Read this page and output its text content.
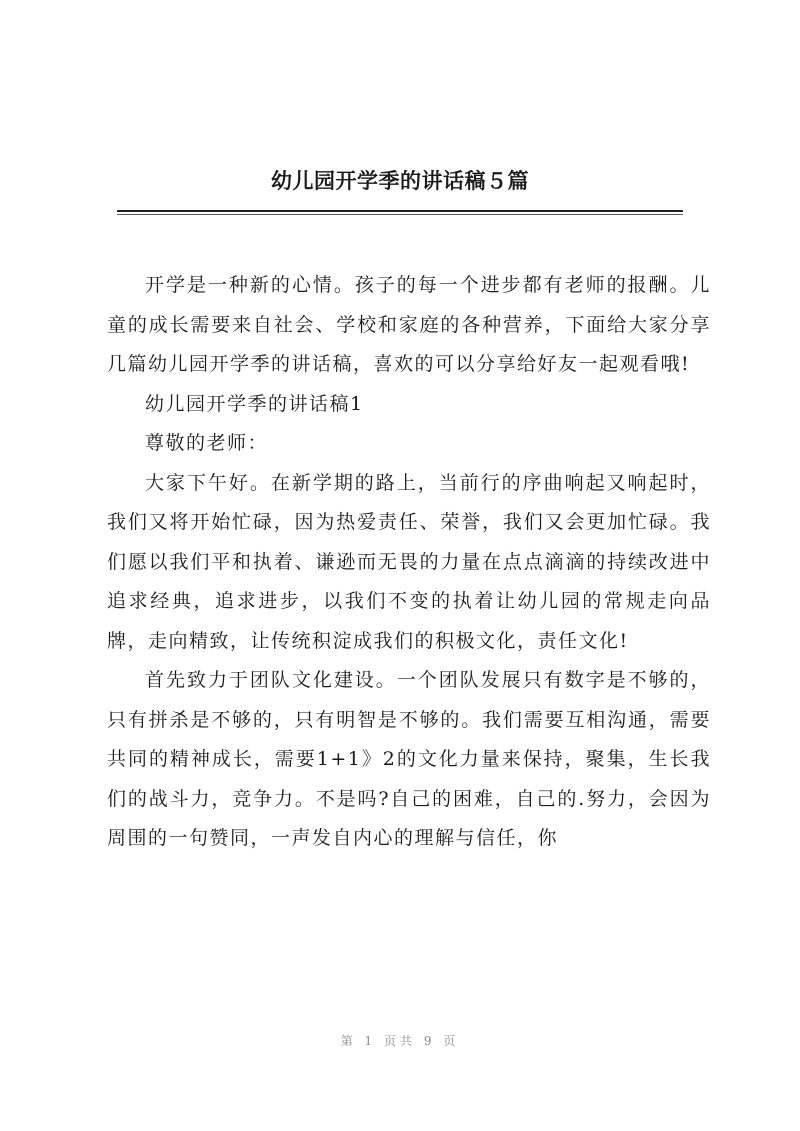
幼儿园开学季的讲话稿５篇

开学是一种新的心情。孩子的每一个进步都有老师的报酬。儿童的成长需要来自社会、学校和家庭的各种营养，下面给大家分享几篇幼儿园开学季的讲话稿，喜欢的可以分享给好友一起观看哦!

幼儿园开学季的讲话稿1

尊敬的老师：

大家下午好。在新学期的路上，当前行的序曲响起又响起时，我们又将开始忙碌，因为热爱责任、荣誉，我们又会更加忙碌。我们愿以我们平和执着、谦逊而无畏的力量在点点滴滴的持续改进中追求经典，追求进步，以我们不变的执着让幼儿园的常规走向品牌，走向精致，让传统积淀成我们的积极文化，责任文化!

首先致力于团队文化建设。一个团队发展只有数字是不够的，只有拼杀是不够的，只有明智是不够的。我们需要互相沟通，需要共同的精神成长，需要1+1》2的文化力量来保持，聚集，生长我们的战斗力，竞争力。不是吗?自己的困难，自己的.努力，会因为周围的一句赞同，一声发自内心的理解与信任，你

第 1 页共 9 页
